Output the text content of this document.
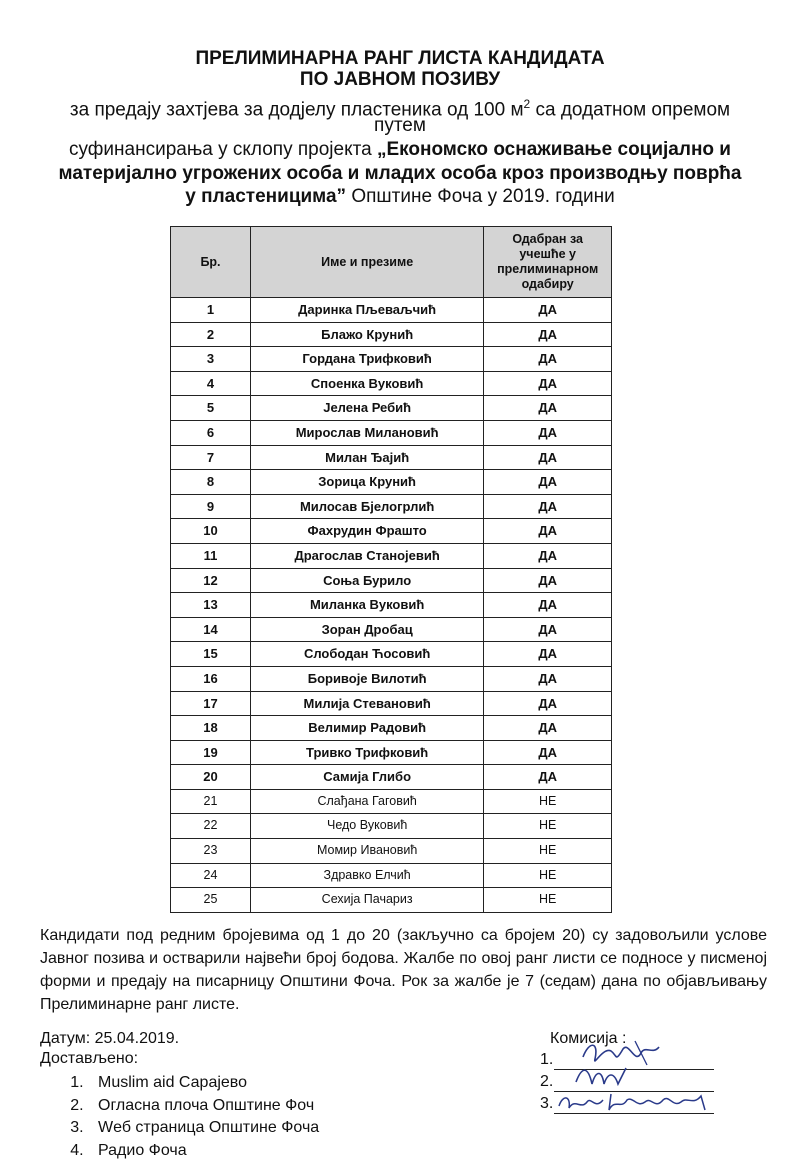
ПРЕЛИМИНАРНА РАНГ ЛИСТА КАНДИДАТА
ПО ЈАВНОМ ПОЗИВУ
за предају захтјева за додјелу пластеника од 100 $м^2$ са додатном опремом
путем
суфинансирања у склопу пројекта „Економско оснаживање социјално и
материјално угрожених особа и младих особа кроз производњу поврћа
у пластеницима” Општине Фоча у 2019. години
Бр.	Име и презиме	Одабран за учешће у прелиминарном одабиру

1	Даринка Пљеваљчић	ДА
2	Блажо Крунић	ДА
3	Гордана Трифковић	ДА
4	Споенка Вуковић	ДА
5	Јелена Ребић	ДА
6	Мирослав Милановић	ДА
7	Милан Ђајић	ДА
8	Зорица Крунић	ДА
9	Милосав Бјелогрлић	ДА
10	Фахрудин Фрашто	ДА
11	Драгослав Станојевић	ДА
12	Соња Бурило	ДА
13	Миланка Вуковић	ДА
14	Зоран Дробац	ДА
15	Слободан Ћосовић	ДА
16	Боривоје Вилотић	ДА
17	Милија Стевановић	ДА
18	Велимир Радовић	ДА
19	Тривко Трифковић	ДА
20	Самија Глибо	ДА
21	Слађана Гаговић	НЕ
22	Чедо Вуковић	НЕ
23	Момир Ивановић	НЕ
24	Здравко Елчић	НЕ
25	Сехија Пачариз	НЕ
Кандидати под редним бројевима од 1 до 20 (закључно са бројем 20) су задовољили услове Јавног позива и остварили највећи број бодова. Жалбе по овој ранг листи се подносе у писменој форми и предају на писарницу Општини Фоча. Рок за жалбе је 7 (седам) дана по објављивању Прелиминарне ранг листе.
Датум: 25.04.2019.
Достављено:
1. Muslim aid Сарајево
2. Огласна плоча Општине Фоч
3. Wеб страница Општине Фоча
4. Радио Фоча
Комисија :
1.
2.
3.
